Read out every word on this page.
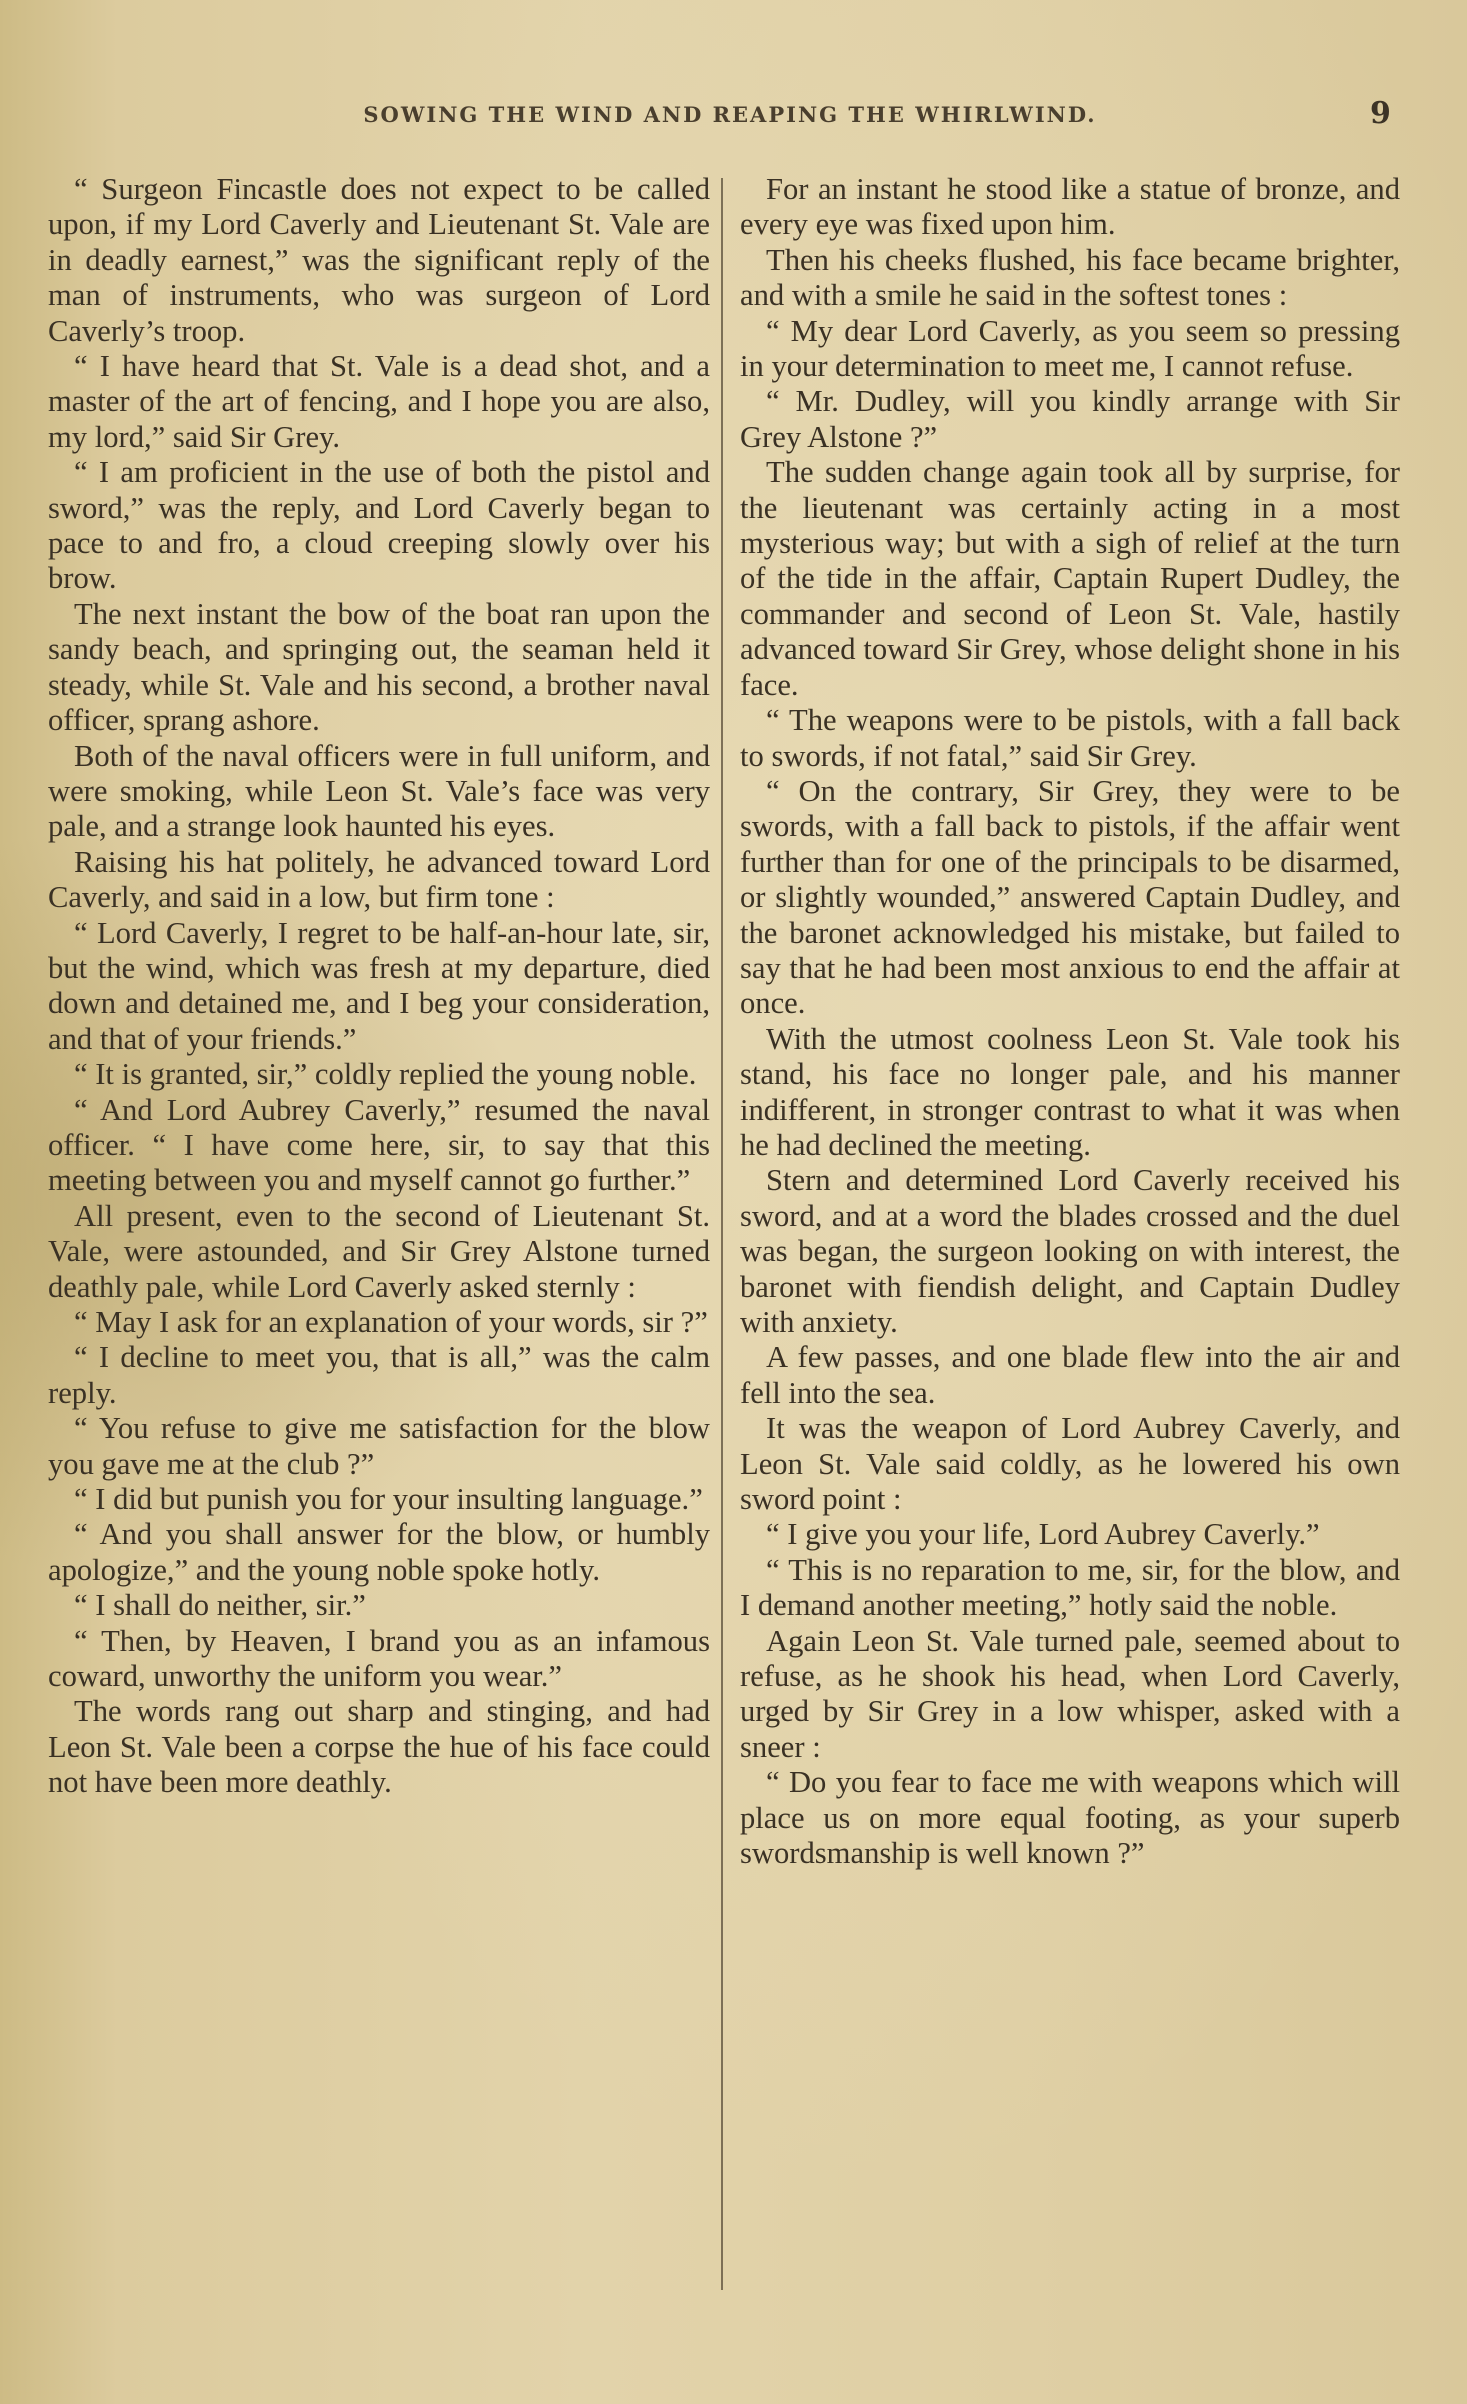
SOWING THE WIND AND REAPING THE WHIRLWIND.	9

“ Surgeon Fincastle does not expect to be called upon, if my Lord Caverly and Lieutenant St. Vale are in deadly earnest,” was the significant reply of the man of instruments, who was surgeon of Lord Caverly’s troop.

“ I have heard that St. Vale is a dead shot, and a master of the art of fencing, and I hope you are also, my lord,” said Sir Grey.

“ I am proficient in the use of both the pistol and sword,” was the reply, and Lord Caverly began to pace to and fro, a cloud creeping slowly over his brow.

The next instant the bow of the boat ran upon the sandy beach, and springing out, the seaman held it steady, while St. Vale and his second, a brother naval officer, sprang ashore.

Both of the naval officers were in full uniform, and were smoking, while Leon St. Vale’s face was very pale, and a strange look haunted his eyes.

Raising his hat politely, he advanced toward Lord Caverly, and said in a low, but firm tone :

“ Lord Caverly, I regret to be half-an-hour late, sir, but the wind, which was fresh at my departure, died down and detained me, and I beg your consideration, and that of your friends.”

“ It is granted, sir,” coldly replied the young noble.

“ And Lord Aubrey Caverly,” resumed the naval officer. “ I have come here, sir, to say that this meeting between you and myself cannot go further.”

All present, even to the second of Lieutenant St. Vale, were astounded, and Sir Grey Alstone turned deathly pale, while Lord Caverly asked sternly :

“ May I ask for an explanation of your words, sir ?”

“ I decline to meet you, that is all,” was the calm reply.

“ You refuse to give me satisfaction for the blow you gave me at the club ?”

“ I did but punish you for your insulting language.”

“ And you shall answer for the blow, or humbly apologize,” and the young noble spoke hotly.

“ I shall do neither, sir.”

“ Then, by Heaven, I brand you as an infamous coward, unworthy the uniform you wear.”

The words rang out sharp and stinging, and had Leon St. Vale been a corpse the hue of his face could not have been more deathly.

For an instant he stood like a statue of bronze, and every eye was fixed upon him.

Then his cheeks flushed, his face became brighter, and with a smile he said in the softest tones :

“ My dear Lord Caverly, as you seem so pressing in your determination to meet me, I cannot refuse.

“ Mr. Dudley, will you kindly arrange with Sir Grey Alstone ?”

The sudden change again took all by surprise, for the lieutenant was certainly acting in a most mysterious way; but with a sigh of relief at the turn of the tide in the affair, Captain Rupert Dudley, the commander and second of Leon St. Vale, hastily advanced toward Sir Grey, whose delight shone in his face.

“ The weapons were to be pistols, with a fall back to swords, if not fatal,” said Sir Grey.

“ On the contrary, Sir Grey, they were to be swords, with a fall back to pistols, if the affair went further than for one of the principals to be disarmed, or slightly wounded,” answered Captain Dudley, and the baronet acknowledged his mistake, but failed to say that he had been most anxious to end the affair at once.

With the utmost coolness Leon St. Vale took his stand, his face no longer pale, and his manner indifferent, in stronger contrast to what it was when he had declined the meeting.

Stern and determined Lord Caverly received his sword, and at a word the blades crossed and the duel was began, the surgeon looking on with interest, the baronet with fiendish delight, and Captain Dudley with anxiety.

A few passes, and one blade flew into the air and fell into the sea.

It was the weapon of Lord Aubrey Caverly, and Leon St. Vale said coldly, as he lowered his own sword point :

“ I give you your life, Lord Aubrey Caverly.”

“ This is no reparation to me, sir, for the blow, and I demand another meeting,” hotly said the noble.

Again Leon St. Vale turned pale, seemed about to refuse, as he shook his head, when Lord Caverly, urged by Sir Grey in a low whisper, asked with a sneer :

“ Do you fear to face me with weapons which will place us on more equal footing, as your superb swordsmanship is well known ?”
